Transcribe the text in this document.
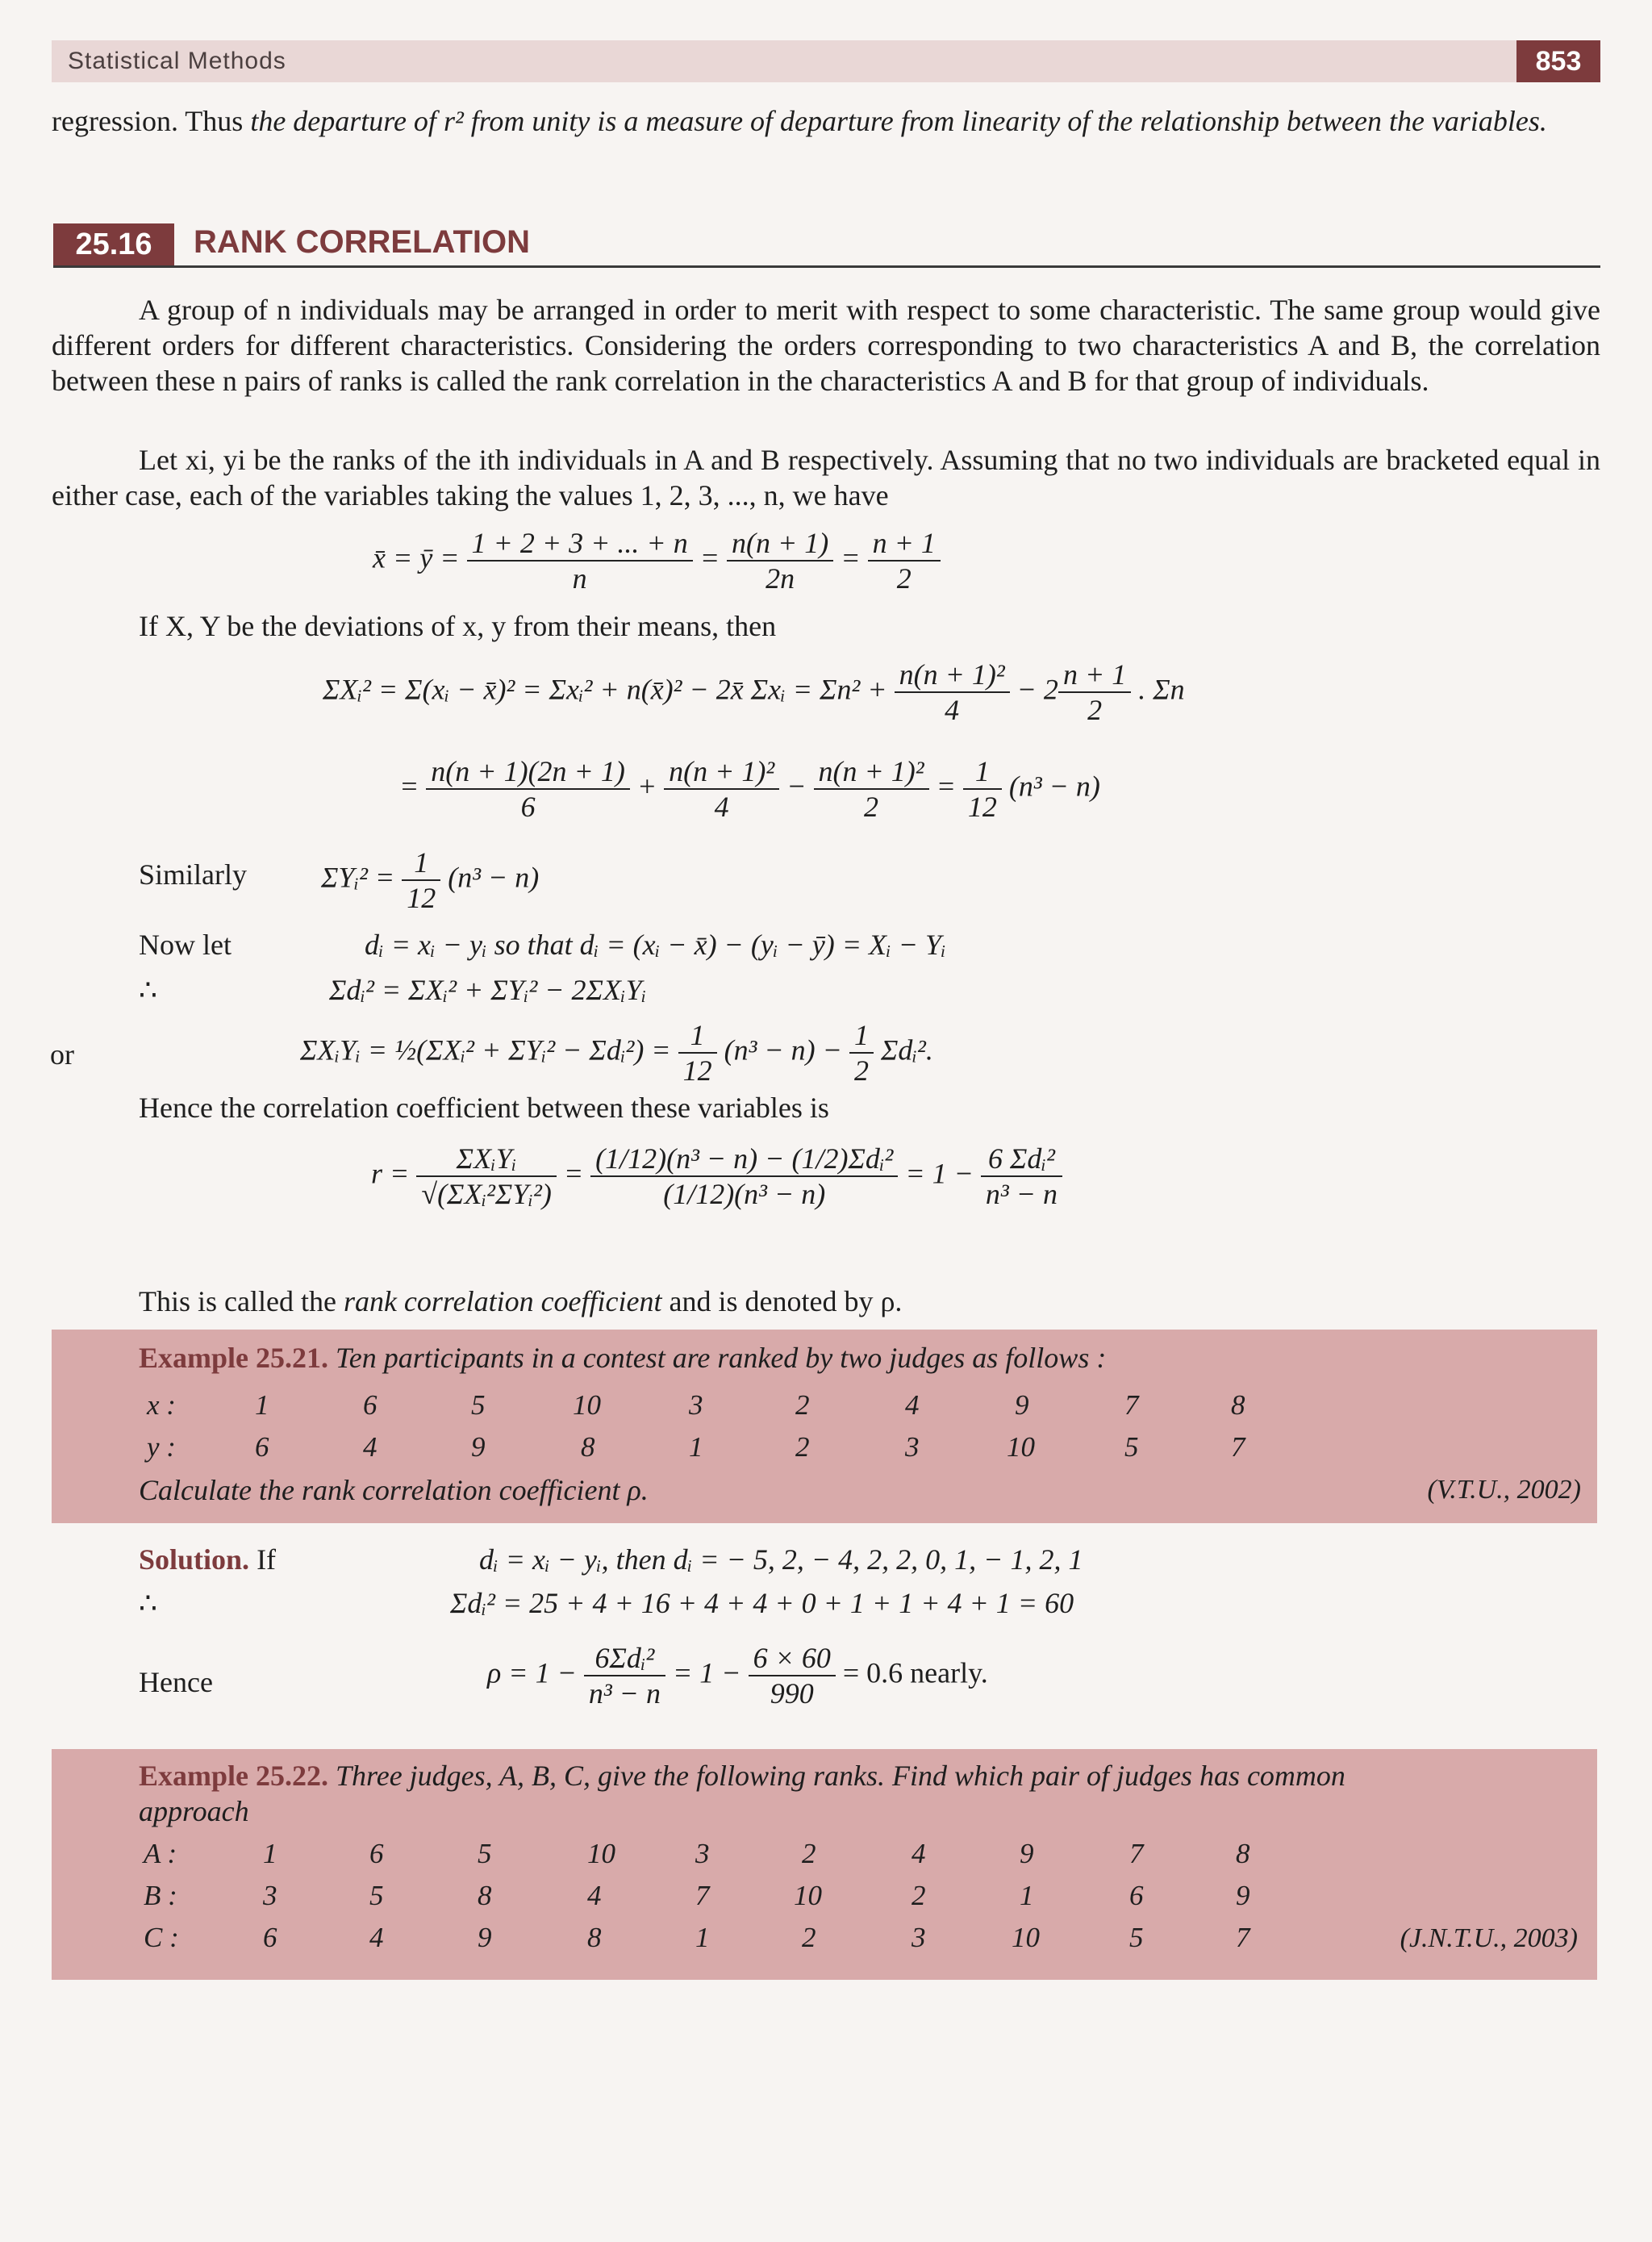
Statistical Methods	853
regression. Thus the departure of r² from unity is a measure of departure from linearity of the relationship between the variables.
25.16	RANK CORRELATION
A group of n individuals may be arranged in order to merit with respect to some characteristic. The same group would give different orders for different characteristics. Considering the orders corresponding to two characteristics A and B, the correlation between these n pairs of ranks is called the rank correlation in the characteristics A and B for that group of individuals.
Let xi, yi be the ranks of the ith individuals in A and B respectively. Assuming that no two individuals are bracketed equal in either case, each of the variables taking the values 1, 2, 3, ..., n, we have
x̄ = ȳ = $\frac{1 + 2 + 3 + ... + n}{n} = \frac{n(n + 1)}{2n} = \frac{n + 1}{2}$
If X, Y be the deviations of x, y from their means, then
ΣXᵢ² = Σ(xᵢ − x̄)² = Σxᵢ² + n(x̄)² − 2x̄ Σxᵢ = $\Sigma n^2 + \frac{\text{n(n + 1)²}}{4} - 2 \frac{n + 1}{2}$ . Σn
= $\frac{n(n + 1)(2n + 1)}{6} + \frac{\text{n(n + 1)²}}{4} - \frac{\text{n(n + 1)²}}{2} = \frac{1}{12} (n^3 - n)$
Similarly	ΣYᵢ² = $\frac{1}{12} (n^3 - n)$
Now let	dᵢ = xᵢ − yᵢ so that dᵢ = (xᵢ − x̄) − (yᵢ − ȳ) = Xᵢ − Yᵢ
∴	Σdᵢ² = ΣXᵢ² + ΣYᵢ² − 2ΣXᵢYᵢ
or	ΣXᵢYᵢ = ½(ΣXᵢ² + ΣYᵢ² − Σdᵢ²) = $\frac{1}{12} (n^3 - n) - \frac{1}{2}$ Σdᵢ².
Hence the correlation coefficient between these variables is
$r = \frac{\text{ΣXᵢYᵢ}}{\text{√(ΣXᵢ²ΣYᵢ²)}} = \frac{\text{(1/12)(n³ − n) − (1/2)Σdᵢ²}}{\text{(1/12)(n³ − n)}} = 1 - \frac{\text{6 Σdᵢ²}}{\text{n³ − n}}$
This is called the rank correlation coefficient and is denoted by ρ.
Example 25.21. Ten participants in a contest are ranked by two judges as follows :
x :	1	6	5	10	3	2	4	9	7	8
y :	6	4	9	8	1	2	3	10	5	7
Calculate the rank correlation coefficient ρ.	(V.T.U., 2002)
Solution. If	dᵢ = xᵢ − yᵢ, then dᵢ = − 5, 2, − 4, 2, 2, 0, 1, − 1, 2, 1
∴	Σdᵢ² = 25 + 4 + 16 + 4 + 4 + 0 + 1 + 1 + 4 + 1 = 60
Hence	$\rho = 1 - \frac{\text{6Σdᵢ²}}{\text{n³ − n}} = 1 - \frac{6 \times 60}{990} = 0.6$ nearly.
Example 25.22. Three judges, A, B, C, give the following ranks. Find which pair of judges has common
approach
A :	1	6	5	10	3	2	4	9	7	8
B :	3	5	8	4	7	10	2	1	6	9
C :	6	4	9	8	1	2	3	10	5	7	(J.N.T.U., 2003)
